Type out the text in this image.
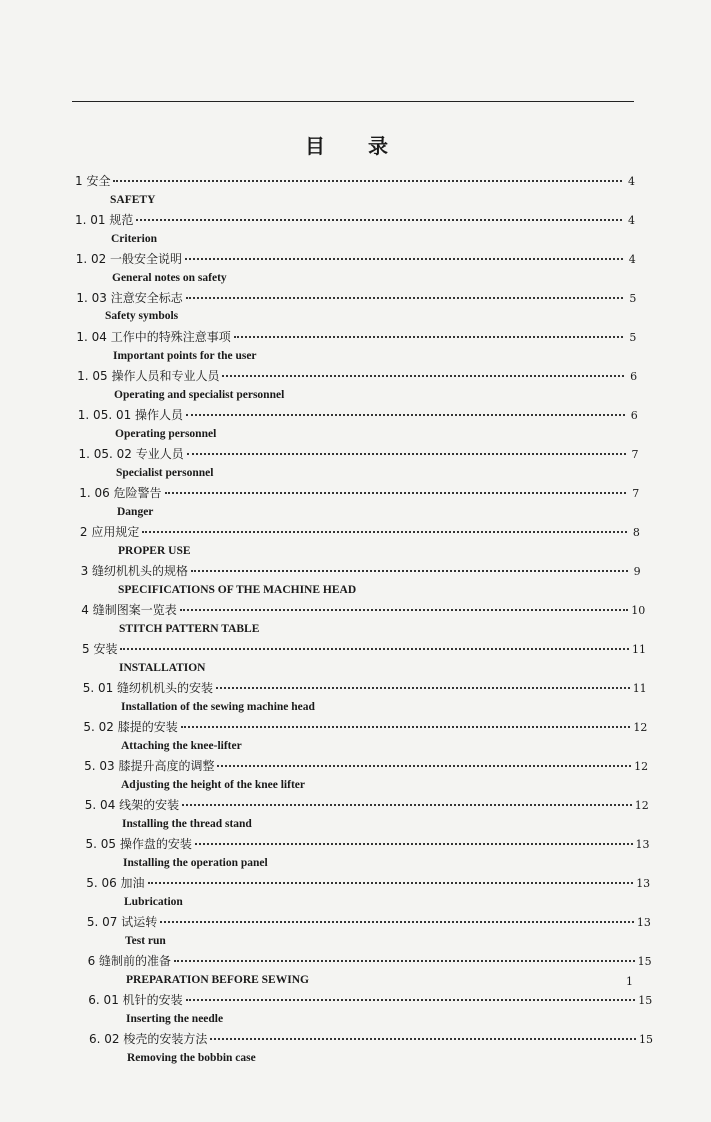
目 录
1 安全	4
SAFETY
1. 01 规范	4
Criterion
1. 02 一般安全说明	4
General notes on safety
1. 03 注意安全标志	5
Safety symbols
1. 04 工作中的特殊注意事项	5
Important points for the user
1. 05 操作人员和专业人员	6
Operating and specialist personnel
1. 05. 01 操作人员	6
Operating personnel
1. 05. 02 专业人员	7
Specialist personnel
1. 06 危险警告	7
Danger
2 应用规定	8
PROPER USE
3 缝纫机机头的规格	9
SPECIFICATIONS OF THE MACHINE HEAD
4 缝制图案一览表	10
STITCH PATTERN TABLE
5 安装	11
INSTALLATION
5. 01 缝纫机机头的安装	11
Installation of the sewing machine head
5. 02 膝提的安装	12
Attaching the knee-lifter
5. 03 膝提升高度的调整	12
Adjusting the height of the knee lifter
5. 04 线架的安装	12
Installing the thread stand
5. 05 操作盘的安装	13
Installing the operation panel
5. 06 加油	13
Lubrication
5. 07 试运转	13
Test run
6 缝制前的准备	15
PREPARATION BEFORE SEWING
6. 01 机针的安装	15
Inserting the needle
6. 02 梭壳的安装方法	15
Removing the bobbin case
1
